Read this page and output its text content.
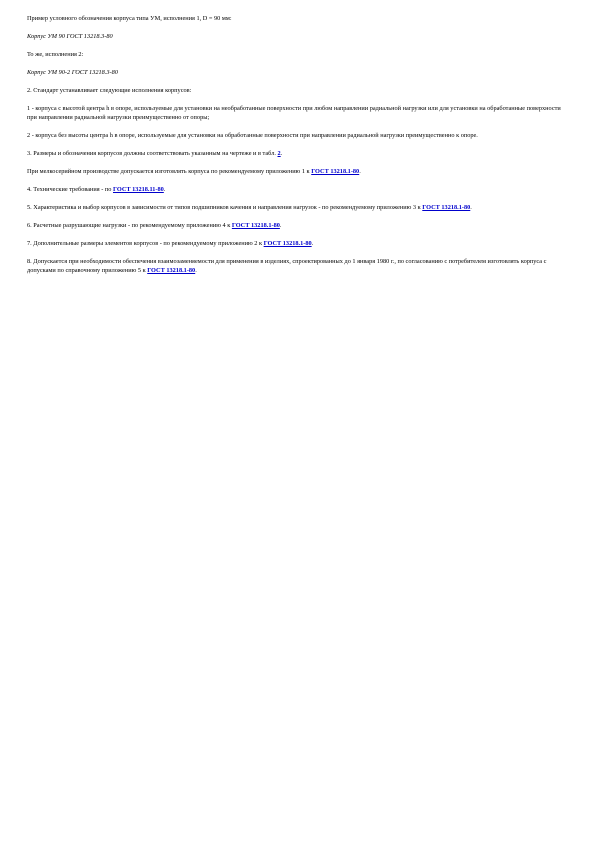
Пример условного обозначения корпуса типа УМ, исполнения 1, D = 90 мм:

Корпус УМ 90 ГОСТ 13218.3-80

То же, исполнения 2:

Корпус УМ 90-2 ГОСТ 13218.3-80

2. Стандарт устанавливает следующие исполнения корпусов:

1 - корпуса с высотой центра h в опоре, используемые для установки на необработанные поверхности при любом направлении радиальной нагрузки или для установки на обработанные поверхности при направлении радиальной нагрузки преимущественно от опоры;

2 - корпуса без высоты центра h в опоре, используемые для установки на обработанные поверхности при направлении радиальной нагрузки преимущественно к опоре.

3. Размеры и обозначения корпусов должны соответствовать указанным на чертеже и в табл. 2.

При мелкосерийном производстве допускается изготовлять корпуса по рекомендуемому приложению 1 к ГОСТ 13218.1-80.

4. Технические требования - по ГОСТ 13218.11-80.

5. Характеристика и выбор корпусов в зависимости от типов подшипников качения и направления нагрузок - по рекомендуемому приложению 3 к ГОСТ 13218.1-80.

6. Расчетные разрушающие нагрузки - по рекомендуемому приложению 4 к ГОСТ 13218.1-80.

7. Дополнительные размеры элементов корпусов - по рекомендуемому приложению 2 к ГОСТ 13218.1-80.

8. Допускается при необходимости обеспечения взаимозаменяемости для применения в изделиях, спроектированных до 1 января 1980 г., по согласованию с потребителем изготовлять корпуса с допусками по справочному приложению 5 к ГОСТ 13218.1-80.
